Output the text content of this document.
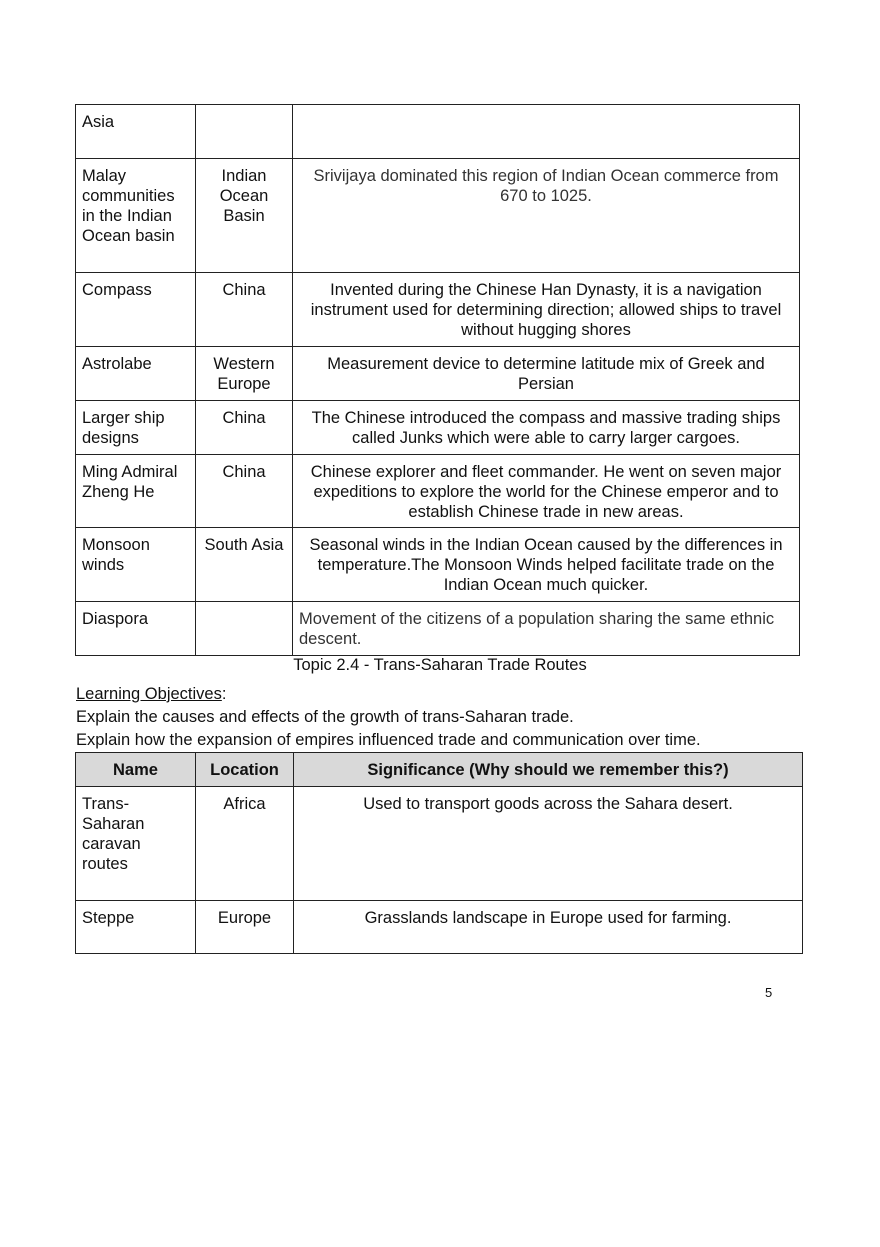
Asia		
Malay communities in the Indian Ocean basin	Indian Ocean Basin	Srivijaya dominated this region of Indian Ocean commerce from 670 to 1025.
Compass	China	Invented during the Chinese Han Dynasty, it is a navigation instrument used for determining direction; allowed ships to travel without hugging shores
Astrolabe	Western Europe	Measurement device to determine latitude mix of Greek and Persian
Larger ship designs	China	The Chinese introduced the compass and massive trading ships called Junks which were able to carry larger cargoes.
Ming Admiral Zheng He	China	Chinese explorer and fleet commander. He went on seven major expeditions to explore the world for the Chinese emperor and to establish Chinese trade in new areas.
Monsoon winds	South Asia	Seasonal winds in the Indian Ocean caused by the differences in temperature.The Monsoon Winds helped facilitate trade on the Indian Ocean much quicker.
Diaspora		Movement of the citizens of a population sharing the same ethnic descent.
Topic 2.4 - Trans-Saharan Trade Routes
Learning Objectives:
Explain the causes and effects of the growth of trans-Saharan trade.
Explain how the expansion of empires influenced trade and communication over time.
Name	Location	Significance (Why should we remember this?)
Trans-Saharan caravan routes	Africa	Used to transport goods across the Sahara desert.
Steppe	Europe	Grasslands landscape in Europe used for farming.
5
